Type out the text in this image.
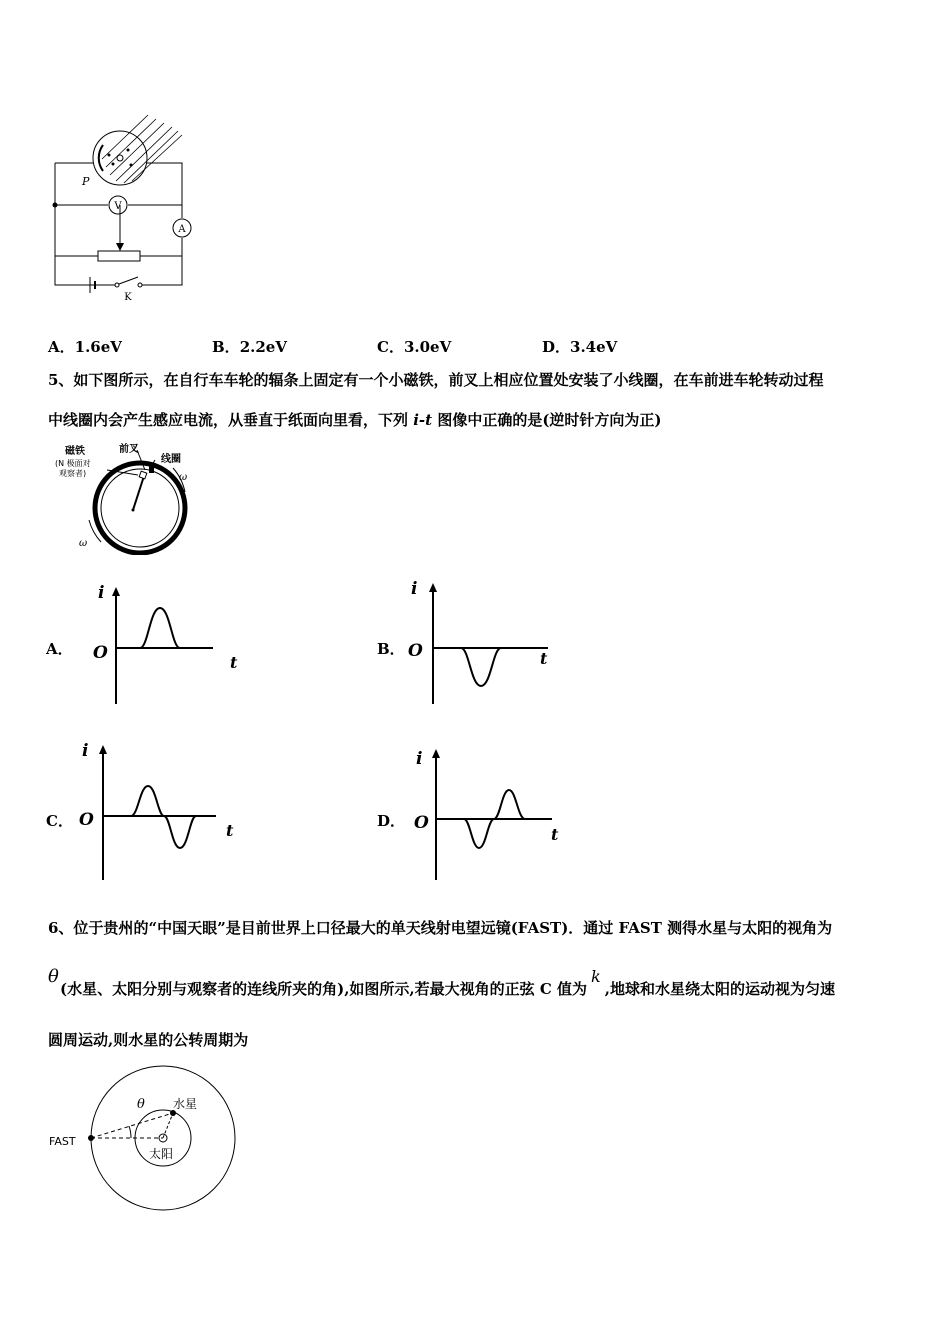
V
A
K
P
A．1.6eV	B．2.2eV	C．3.0eV	D．3.4eV
5、如下图所示，在自行车车轮的辐条上固定有一个小磁铁，前叉上相应位置处安装了小线圈，在车前进车轮转动过程
中线圈内会产生感应电流，从垂直于纸面向里看，下列 i-t 图像中正确的是(逆时针方向为正)
磁铁
(N 极面对
观察者)
前叉
线圈
ω
ω
A．
i
O	t
B．
i
O	t
C．
i
O
t	D．
i
O
t
6、位于贵州的“中国天眼”是目前世界上口径最大的单天线射电望远镜(FAST)．通过 FAST 测得水星与太阳的视角为
θ
(水星、太阳分别与观察者的连线所夹的角),如图所示,若最大视角的正弦 C 值为k,地球和水星绕太阳的运动视为匀速
圆周运动,则水星的公转周期为
θ 水星
太阳
FAST
